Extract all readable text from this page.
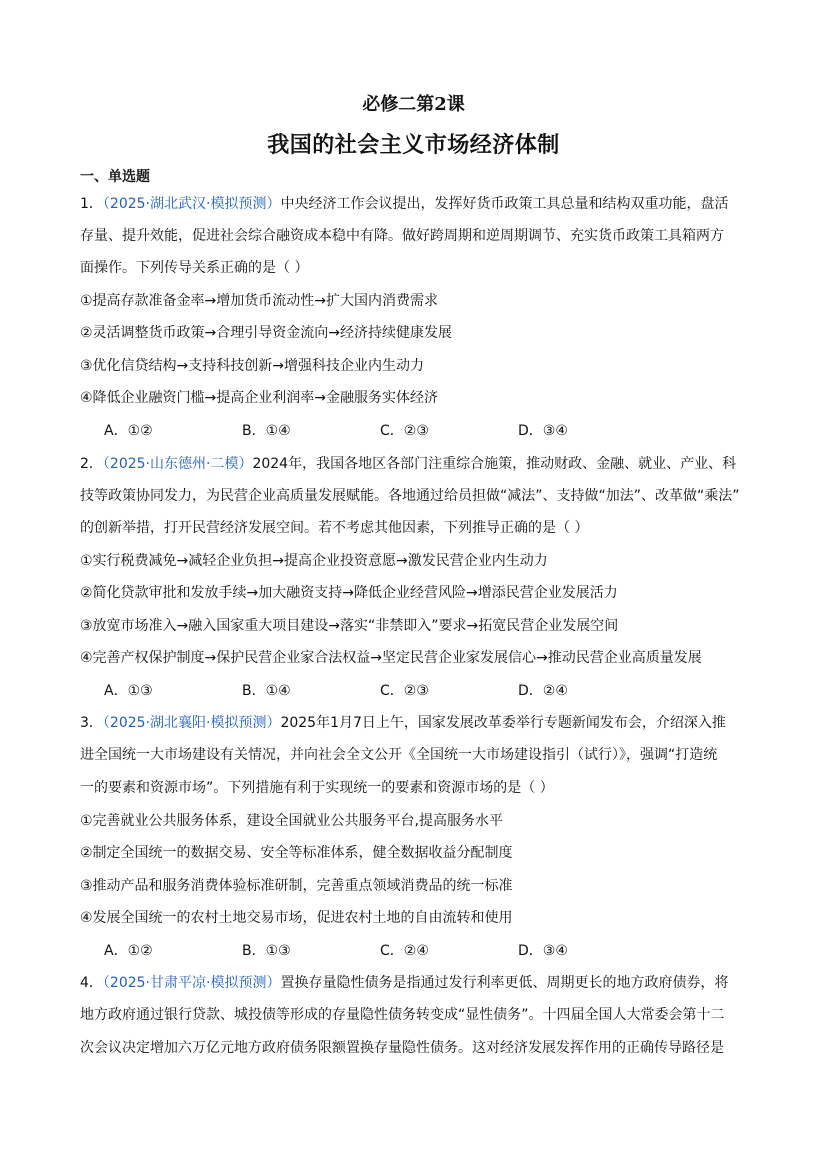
必修二第2课
我国的社会主义市场经济体制
一、单选题
1．（2025·湖北武汉·模拟预测）中央经济工作会议提出，发挥好货币政策工具总量和结构双重功能，盘活
存量、提升效能，促进社会综合融资成本稳中有降。做好跨周期和逆周期调节、充实货币政策工具箱两方
面操作。下列传导关系正确的是（ ）
①提高存款准备金率→增加货币流动性→扩大国内消费需求
②灵活调整货币政策→合理引导资金流向→经济持续健康发展
③优化信贷结构→支持科技创新→增强科技企业内生动力
④降低企业融资门槛→提高企业利润率→金融服务实体经济
A．①②	B．①④	C．②③	D．③④
2．（2025·山东德州·二模）2024年，我国各地区各部门注重综合施策，推动财政、金融、就业、产业、科
技等政策协同发力，为民营企业高质量发展赋能。各地通过给员担做“减法”、支持做“加法”、改革做“乘法”
的创新举措，打开民营经济发展空间。若不考虑其他因素，下列推导正确的是（ ）
①实行税费减免→减轻企业负担→提高企业投资意愿→激发民营企业内生动力
②简化贷款审批和发放手续→加大融资支持→降低企业经营风险→增添民营企业发展活力
③放宽市场准入→融入国家重大项目建设→落实“非禁即入”要求→拓宽民营企业发展空间
④完善产权保护制度→保护民营企业家合法权益→坚定民营企业家发展信心→推动民营企业高质量发展
A．①③	B．①④	C．②③	D．②④
3．（2025·湖北襄阳·模拟预测）2025年1月7日上午，国家发展改革委举行专题新闻发布会，介绍深入推
进全国统一大市场建设有关情况，并向社会全文公开《全国统一大市场建设指引（试行）》，强调“打造统
一的要素和资源市场”。下列措施有利于实现统一的要素和资源市场的是（ ）
①完善就业公共服务体系，建设全国就业公共服务平台,提高服务水平
②制定全国统一的数据交易、安全等标准体系，健全数据收益分配制度
③推动产品和服务消费体验标准研制，完善重点领域消费品的统一标准
④发展全国统一的农村土地交易市场，促进农村土地的自由流转和使用
A．①②	B．①③	C．②④	D．③④
4．（2025·甘肃平凉·模拟预测）置换存量隐性债务是指通过发行利率更低、周期更长的地方政府债券，将
地方政府通过银行贷款、城投债等形成的存量隐性债务转变成“显性债务”。十四届全国人大常委会第十二
次会议决定增加六万亿元地方政府债务限额置换存量隐性债务。这对经济发展发挥作用的正确传导路径是
